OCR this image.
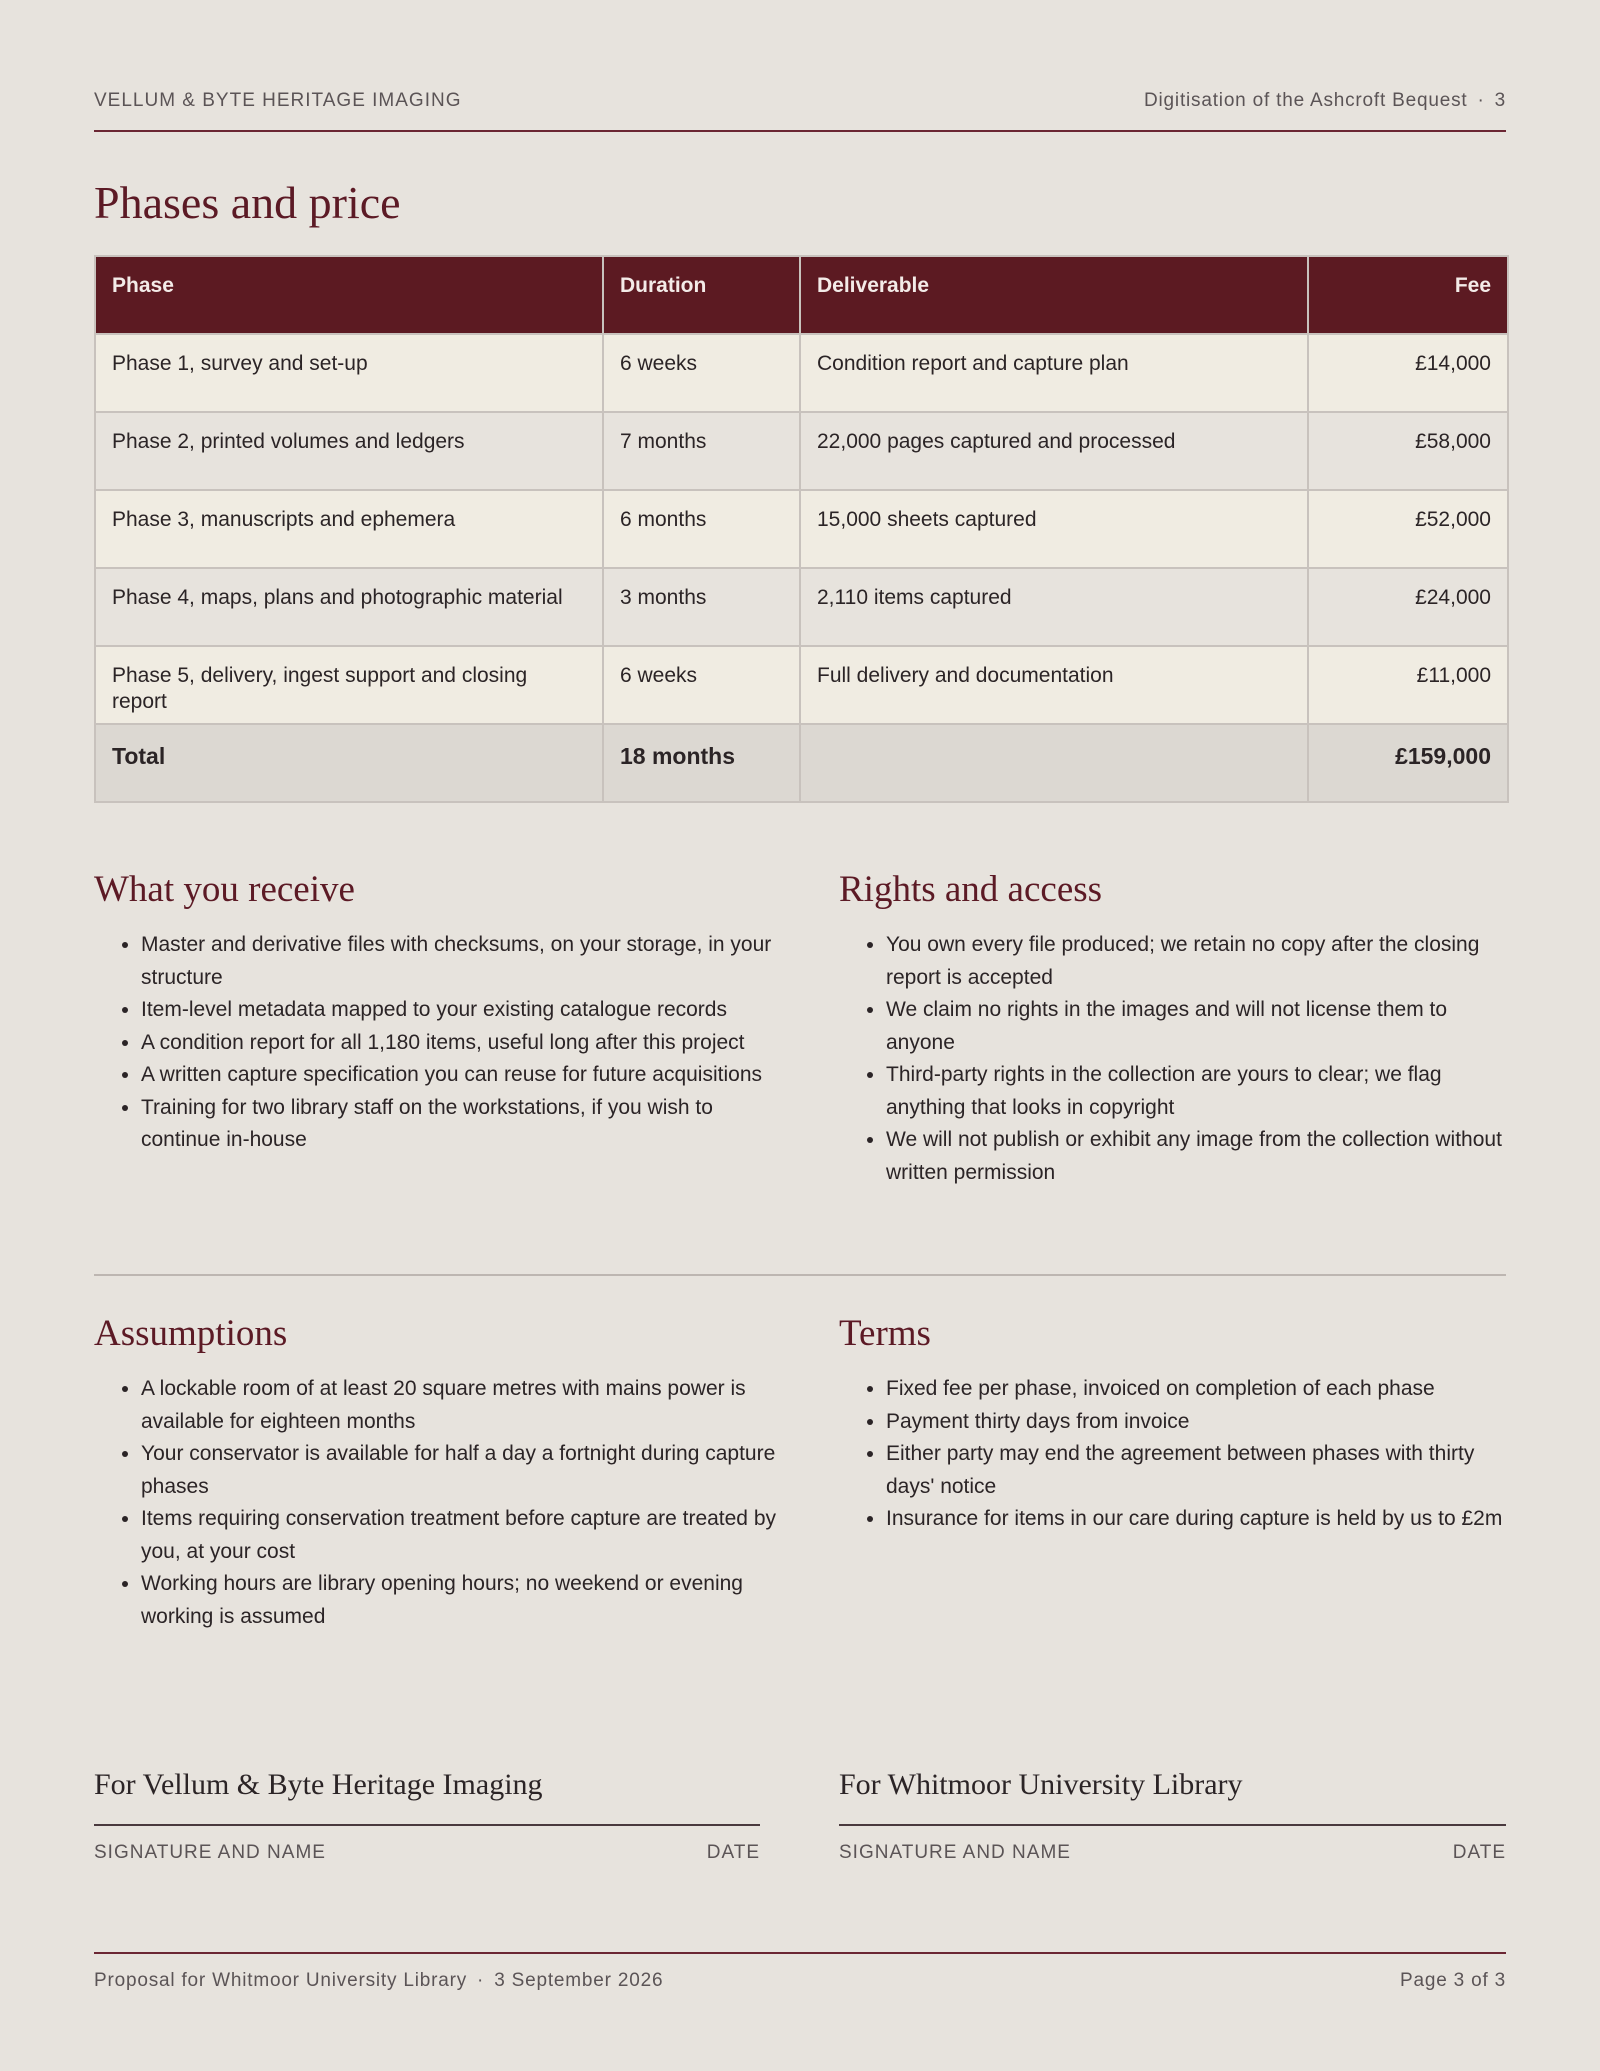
VELLUM & BYTE HERITAGE IMAGING	Digitisation of the Ashcroft Bequest · 3
Phases and price
Phase	Duration	Deliverable	Fee
Phase 1, survey and set-up	6 weeks	Condition report and capture plan	£14,000
Phase 2, printed volumes and ledgers	7 months	22,000 pages captured and processed	£58,000
Phase 3, manuscripts and ephemera	6 months	15,000 sheets captured	£52,000
Phase 4, maps, plans and photographic material	3 months	2,110 items captured	£24,000
Phase 5, delivery, ingest support and closing report	6 weeks	Full delivery and documentation	£11,000
Total	18 months		£159,000
What you receive
• Master and derivative files with checksums, on your storage, in your structure
• Item-level metadata mapped to your existing catalogue records
• A condition report for all 1,180 items, useful long after this project
• A written capture specification you can reuse for future acquisitions
• Training for two library staff on the workstations, if you wish to continue in-house
Rights and access
• You own every file produced; we retain no copy after the closing report is accepted
• We claim no rights in the images and will not license them to anyone
• Third-party rights in the collection are yours to clear; we flag anything that looks in copyright
• We will not publish or exhibit any image from the collection without written permission
Assumptions
• A lockable room of at least 20 square metres with mains power is available for eighteen months
• Your conservator is available for half a day a fortnight during capture phases
• Items requiring conservation treatment before capture are treated by you, at your cost
• Working hours are library opening hours; no weekend or evening working is assumed
Terms
• Fixed fee per phase, invoiced on completion of each phase
• Payment thirty days from invoice
• Either party may end the agreement between phases with thirty days' notice
• Insurance for items in our care during capture is held by us to £2m
For Vellum & Byte Heritage Imaging
SIGNATURE AND NAME	DATE
For Whitmoor University Library
SIGNATURE AND NAME	DATE
Proposal for Whitmoor University Library · 3 September 2026	Page 3 of 3
